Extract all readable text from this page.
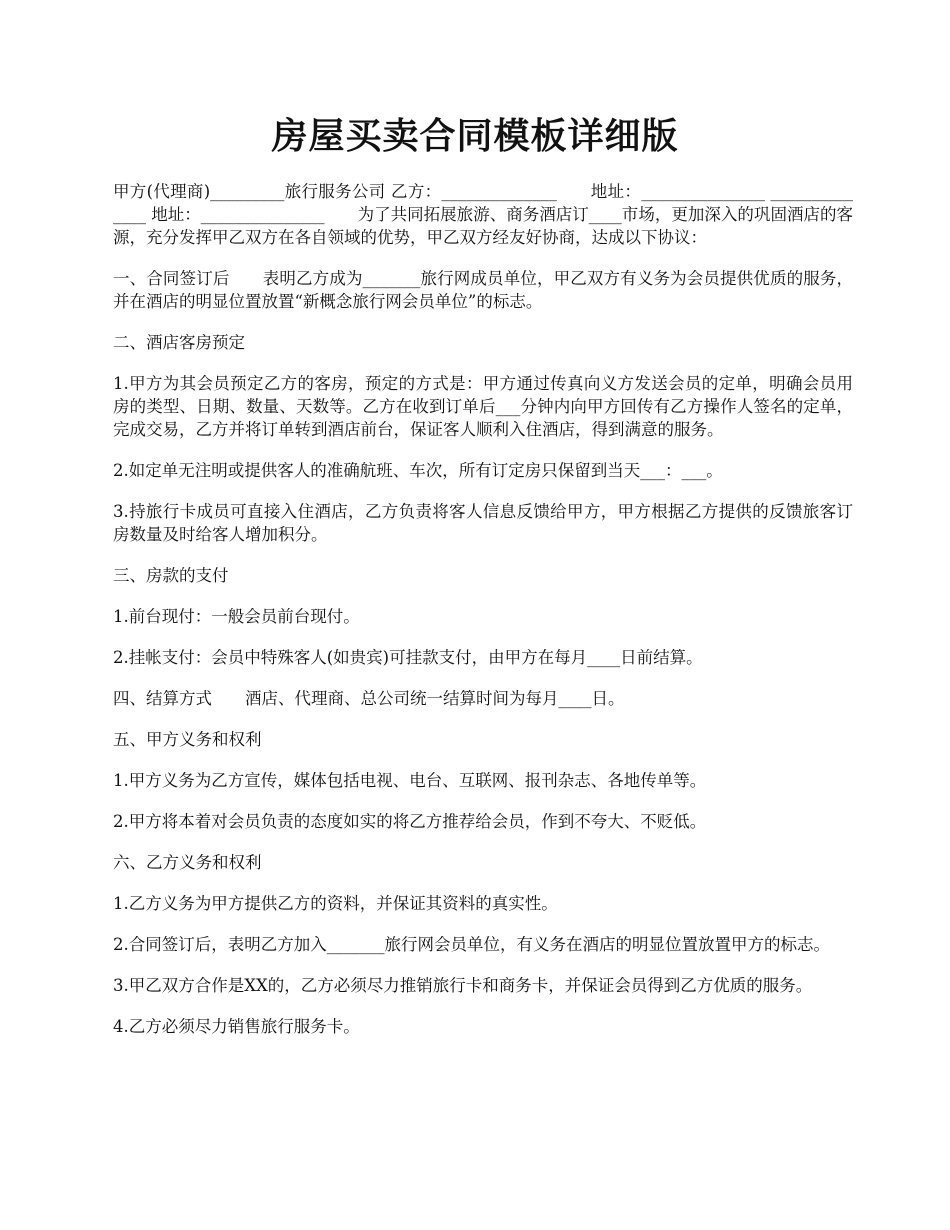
房屋买卖合同模板详细版

甲方(代理商)_________旅行服务公司 乙方：______________　　地址：_______________ ______________ 地址：_______________　　为了共同拓展旅游、商务酒店订____市场，更加深入的巩固酒店的客源，充分发挥甲乙双方在各自领域的优势，甲乙双方经友好协商，达成以下协议：

一、合同签订后　　表明乙方成为_______旅行网成员单位，甲乙双方有义务为会员提供优质的服务，并在酒店的明显位置放置“新概念旅行网会员单位”的标志。

二、酒店客房预定

1.甲方为其会员预定乙方的客房，预定的方式是：甲方通过传真向义方发送会员的定单，明确会员用房的类型、日期、数量、天数等。乙方在收到订单后___分钟内向甲方回传有乙方操作人签名的定单，完成交易，乙方并将订单转到酒店前台，保证客人顺利入住酒店，得到满意的服务。

2.如定单无注明或提供客人的准确航班、车次，所有订定房只保留到当天___：___。

3.持旅行卡成员可直接入住酒店，乙方负责将客人信息反馈给甲方，甲方根据乙方提供的反馈旅客订房数量及时给客人增加积分。

三、房款的支付

1.前台现付：一般会员前台现付。

2.挂帐支付：会员中特殊客人(如贵宾)可挂款支付，由甲方在每月____日前结算。

四、结算方式　　酒店、代理商、总公司统一结算时间为每月____日。

五、甲方义务和权利

1.甲方义务为乙方宣传，媒体包括电视、电台、互联网、报刊杂志、各地传单等。

2.甲方将本着对会员负责的态度如实的将乙方推荐给会员，作到不夸大、不贬低。

六、乙方义务和权利

1.乙方义务为甲方提供乙方的资料，并保证其资料的真实性。

2.合同签订后，表明乙方加入_______旅行网会员单位，有义务在酒店的明显位置放置甲方的标志。

3.甲乙双方合作是XX的，乙方必须尽力推销旅行卡和商务卡，并保证会员得到乙方优质的服务。

4.乙方必须尽力销售旅行服务卡。
